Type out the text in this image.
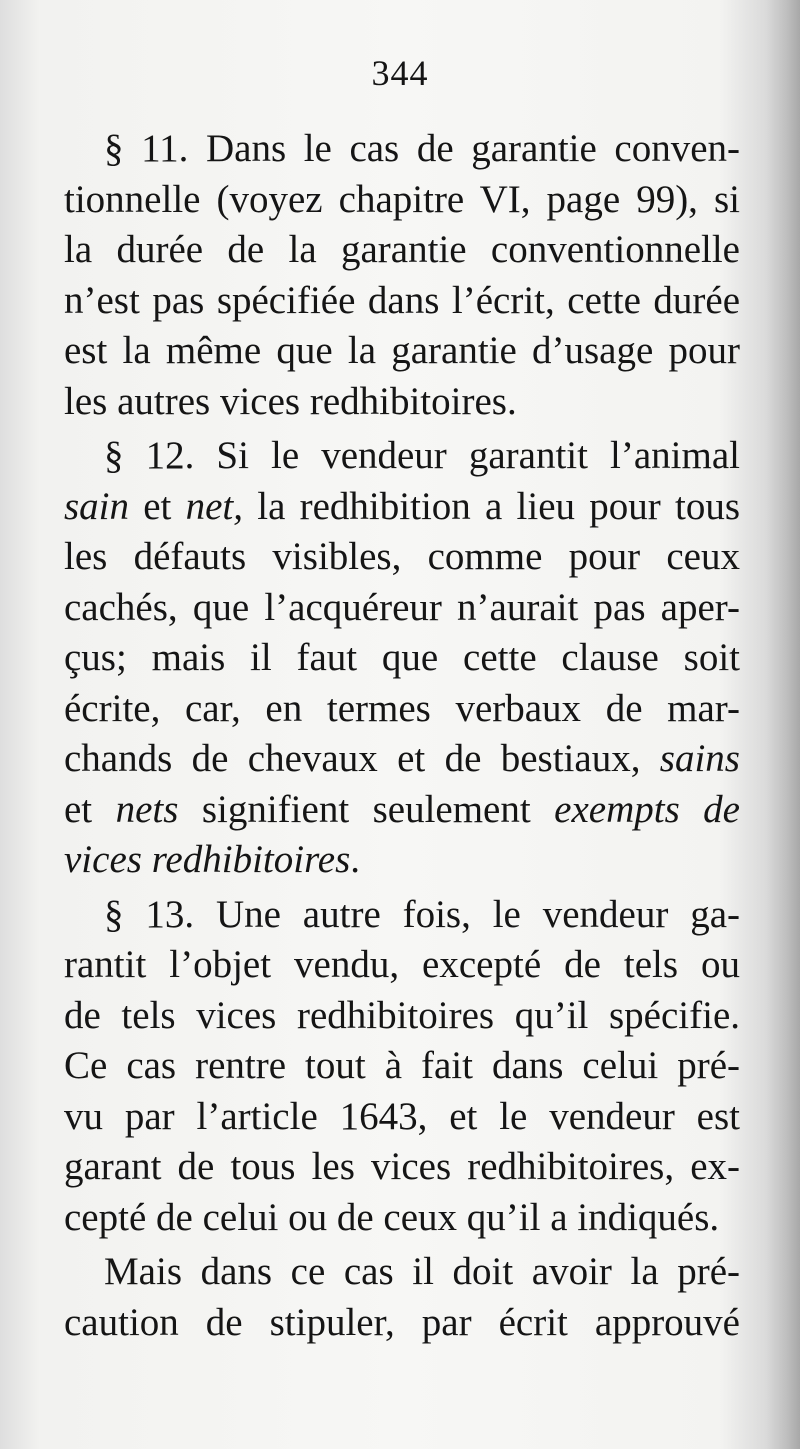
344
§ 11. Dans le cas de garantie conven-
tionnelle (voyez chapitre VI, page 99), si
la durée de la garantie conventionnelle
n’est pas spécifiée dans l’écrit, cette durée
est la même que la garantie d’usage pour
les autres vices redhibitoires.
§ 12. Si le vendeur garantit l’animal
sain et net, la redhibition a lieu pour tous
les défauts visibles, comme pour ceux
cachés, que l’acquéreur n’aurait pas aper-
çus; mais il faut que cette clause soit
écrite, car, en termes verbaux de mar-
chands de chevaux et de bestiaux, sains
et nets signifient seulement exempts de
vices redhibitoires.
§ 13. Une autre fois, le vendeur ga-
rantit l’objet vendu, excepté de tels ou
de tels vices redhibitoires qu’il spécifie.
Ce cas rentre tout à fait dans celui pré-
vu par l’article 1643, et le vendeur est
garant de tous les vices redhibitoires, ex-
cepté de celui ou de ceux qu’il a indiqués.
Mais dans ce cas il doit avoir la pré-
caution de stipuler, par écrit approuvé
